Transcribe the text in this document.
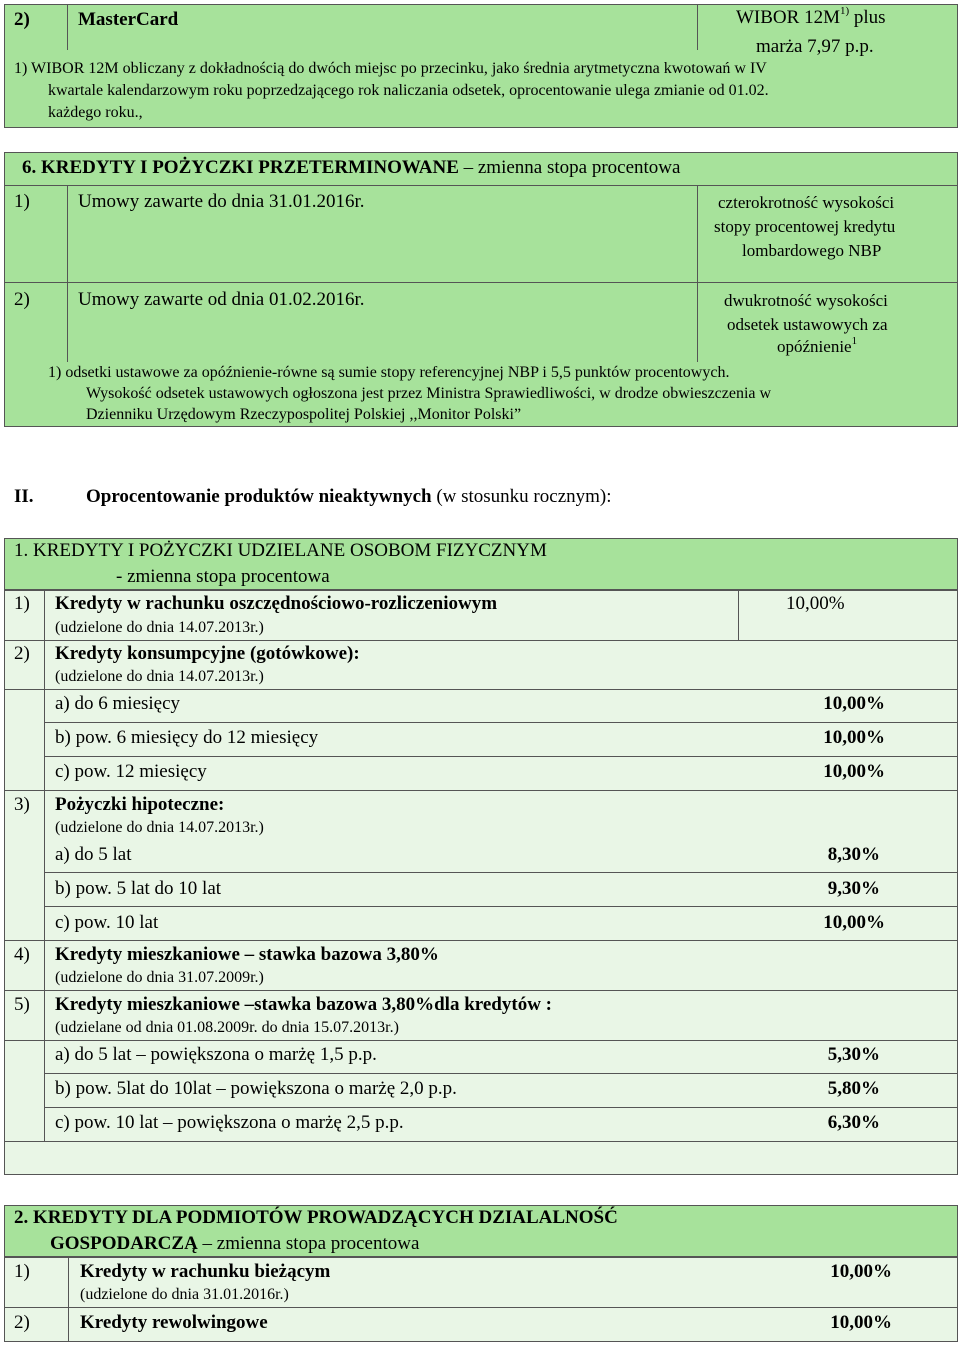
2)	MasterCard	WIBOR $12M^{1)}$ plus
marża 7,97 p.p.
1) WIBOR 12M obliczany z dokładnością do dwóch miejsc po przecinku, jako średnia arytmetyczna kwotowań w IV
kwartale kalendarzowym roku poprzedzającego rok naliczania odsetek, oprocentowanie ulega zmianie od 01.02.
każdego roku.,
6. KREDYTY I POŻYCZKI PRZETERMINOWANE – zmienna stopa procentowa
1)	Umowy zawarte do dnia 31.01.2016r.	czterokrotność wysokości
stopy procentowej kredytu
lombardowego NBP
2)	Umowy zawarte od dnia 01.02.2016r.	dwukrotność wysokości
odsetek ustawowych za
opóźnienie$^1$
1) odsetki ustawowe za opóźnienie-równe są sumie stopy referencyjnej NBP i 5,5 punktów procentowych.
Wysokość odsetek ustawowych ogłoszona jest przez Ministra Sprawiedliwości, w drodze obwieszczenia w
Dzienniku Urzędowym Rzeczypospolitej Polskiej ,,Monitor Polski”
II.	Oprocentowanie produktów nieaktywnych (w stosunku rocznym):
1. KREDYTY I POŻYCZKI UDZIELANE OSOBOM FIZYCZNYM
- zmienna stopa procentowa
1) Kredyty w rachunku oszczędnościowo-rozliczeniowym
(udzielone do dnia 14.07.2013r.)
10,00%
2) Kredyty konsumpcyjne (gotówkowe):
(udzielone do dnia 14.07.2013r.)
a) do 6 miesięcy	10,00%
b) pow. 6 miesięcy do 12 miesięcy	10,00%
c) pow. 12 miesięcy	10,00%
3) Pożyczki hipoteczne:
(udzielone do dnia 14.07.2013r.)
a) do 5 lat	8,30%
b) pow. 5 lat do 10 lat	9,30%
c) pow. 10 lat	10,00%
4) Kredyty mieszkaniowe – stawka bazowa 3,80%
(udzielone do dnia 31.07.2009r.)
5) Kredyty mieszkaniowe –stawka bazowa 3,80%dla kredytów :
(udzielane od dnia 01.08.2009r. do dnia 15.07.2013r.)
a) do 5 lat – powiększona o marżę 1,5 p.p.	5,30%
b) pow. 5lat do 10lat – powiększona o marżę 2,0 p.p.	5,80%
c) pow. 10 lat – powiększona o marżę 2,5 p.p.	6,30%
2. KREDYTY DLA PODMIOTÓW PROWADZĄCYCH DZIALALNOŚĆ
GOSPODARCZĄ – zmienna stopa procentowa
1)	Kredyty w rachunku bieżącym
(udzielone do dnia 31.01.2016r.)
10,00%
2)	Kredyty rewolwingowe	10,00%
